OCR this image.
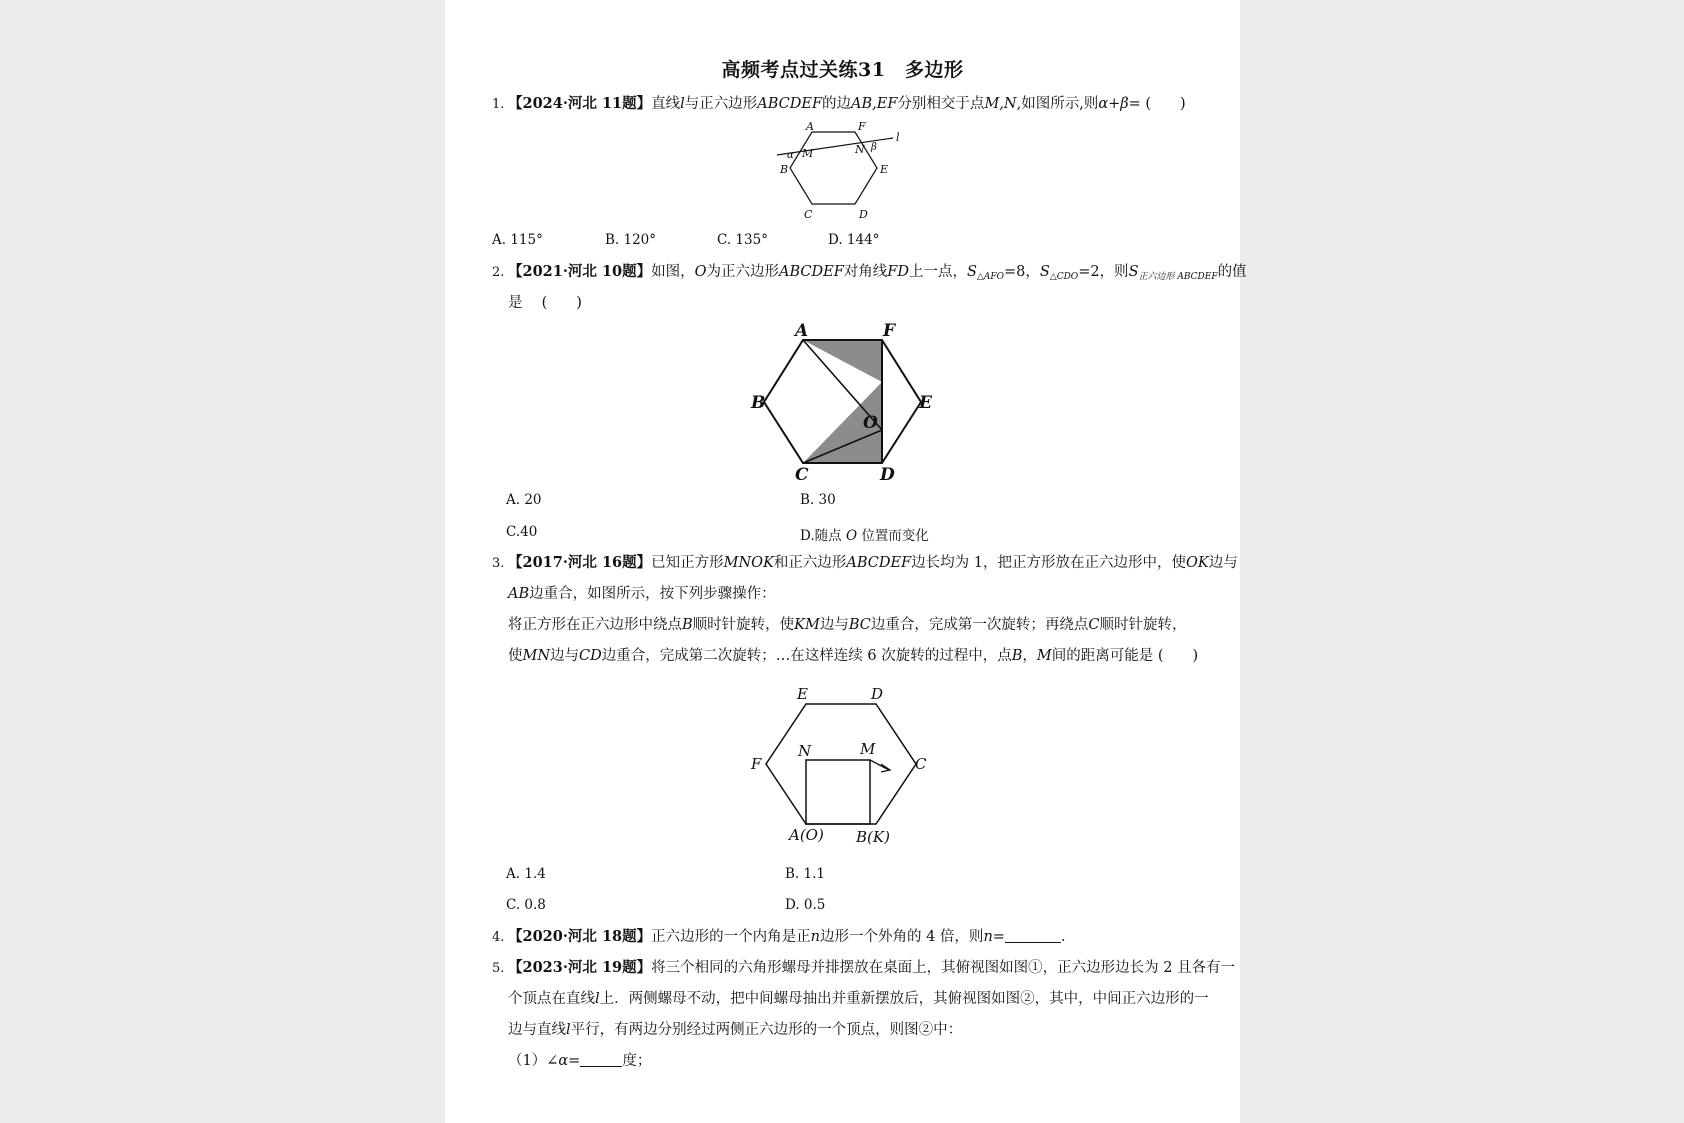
高频考点过关练31　多边形
1. 【2024·河北 11题】直线l与正六边形ABCDEF的边AB,EF分别相交于点M,N,如图所示,则α+β= (　　)
A	F
l
α M	N β
B	E
C	D
A. 115°	B. 120°	C. 135°	D. 144°
2. 【2021·河北 10题】如图，O为正六边形ABCDEF对角线FD上一点，$S_{\triangle AFO}=8$，$S_{\triangle CDO}=2$，则$S_{正六边形 ABCDEF}$的值
是　 (　　)
A	F
B	E
O
C	D
A. 20	B. 30
C.40	D.随点 O 位置而变化
3. 【2017·河北 16题】已知正方形MNOK和正六边形ABCDEF边长均为 1，把正方形放在正六边形中，使OK边与
AB边重合，如图所示，按下列步骤操作：
将正方形在正六边形中绕点B顺时针旋转，使KM边与BC边重合，完成第一次旋转；再绕点C顺时针旋转，
使MN边与CD边重合，完成第二次旋转；…在这样连续 6 次旋转的过程中，点B，M间的距离可能是 (　　)
E	D
F	C
N	M
A(O) B(K)
A. 1.4	B. 1.1
C. 0.8	D. 0.5
4. 【2020·河北 18题】正六边形的一个内角是正n边形一个外角的 4 倍，则n=	.
5. 【2023·河北 19题】将三个相同的六角形螺母并排摆放在桌面上，其俯视图如图①，正六边形边长为 2 且各有一
个顶点在直线l上．两侧螺母不动，把中间螺母抽出并重新摆放后，其俯视图如图②，其中，中间正六边形的一
边与直线l平行，有两边分别经过两侧正六边形的一个顶点，则图②中：
（1）∠α=	度；
